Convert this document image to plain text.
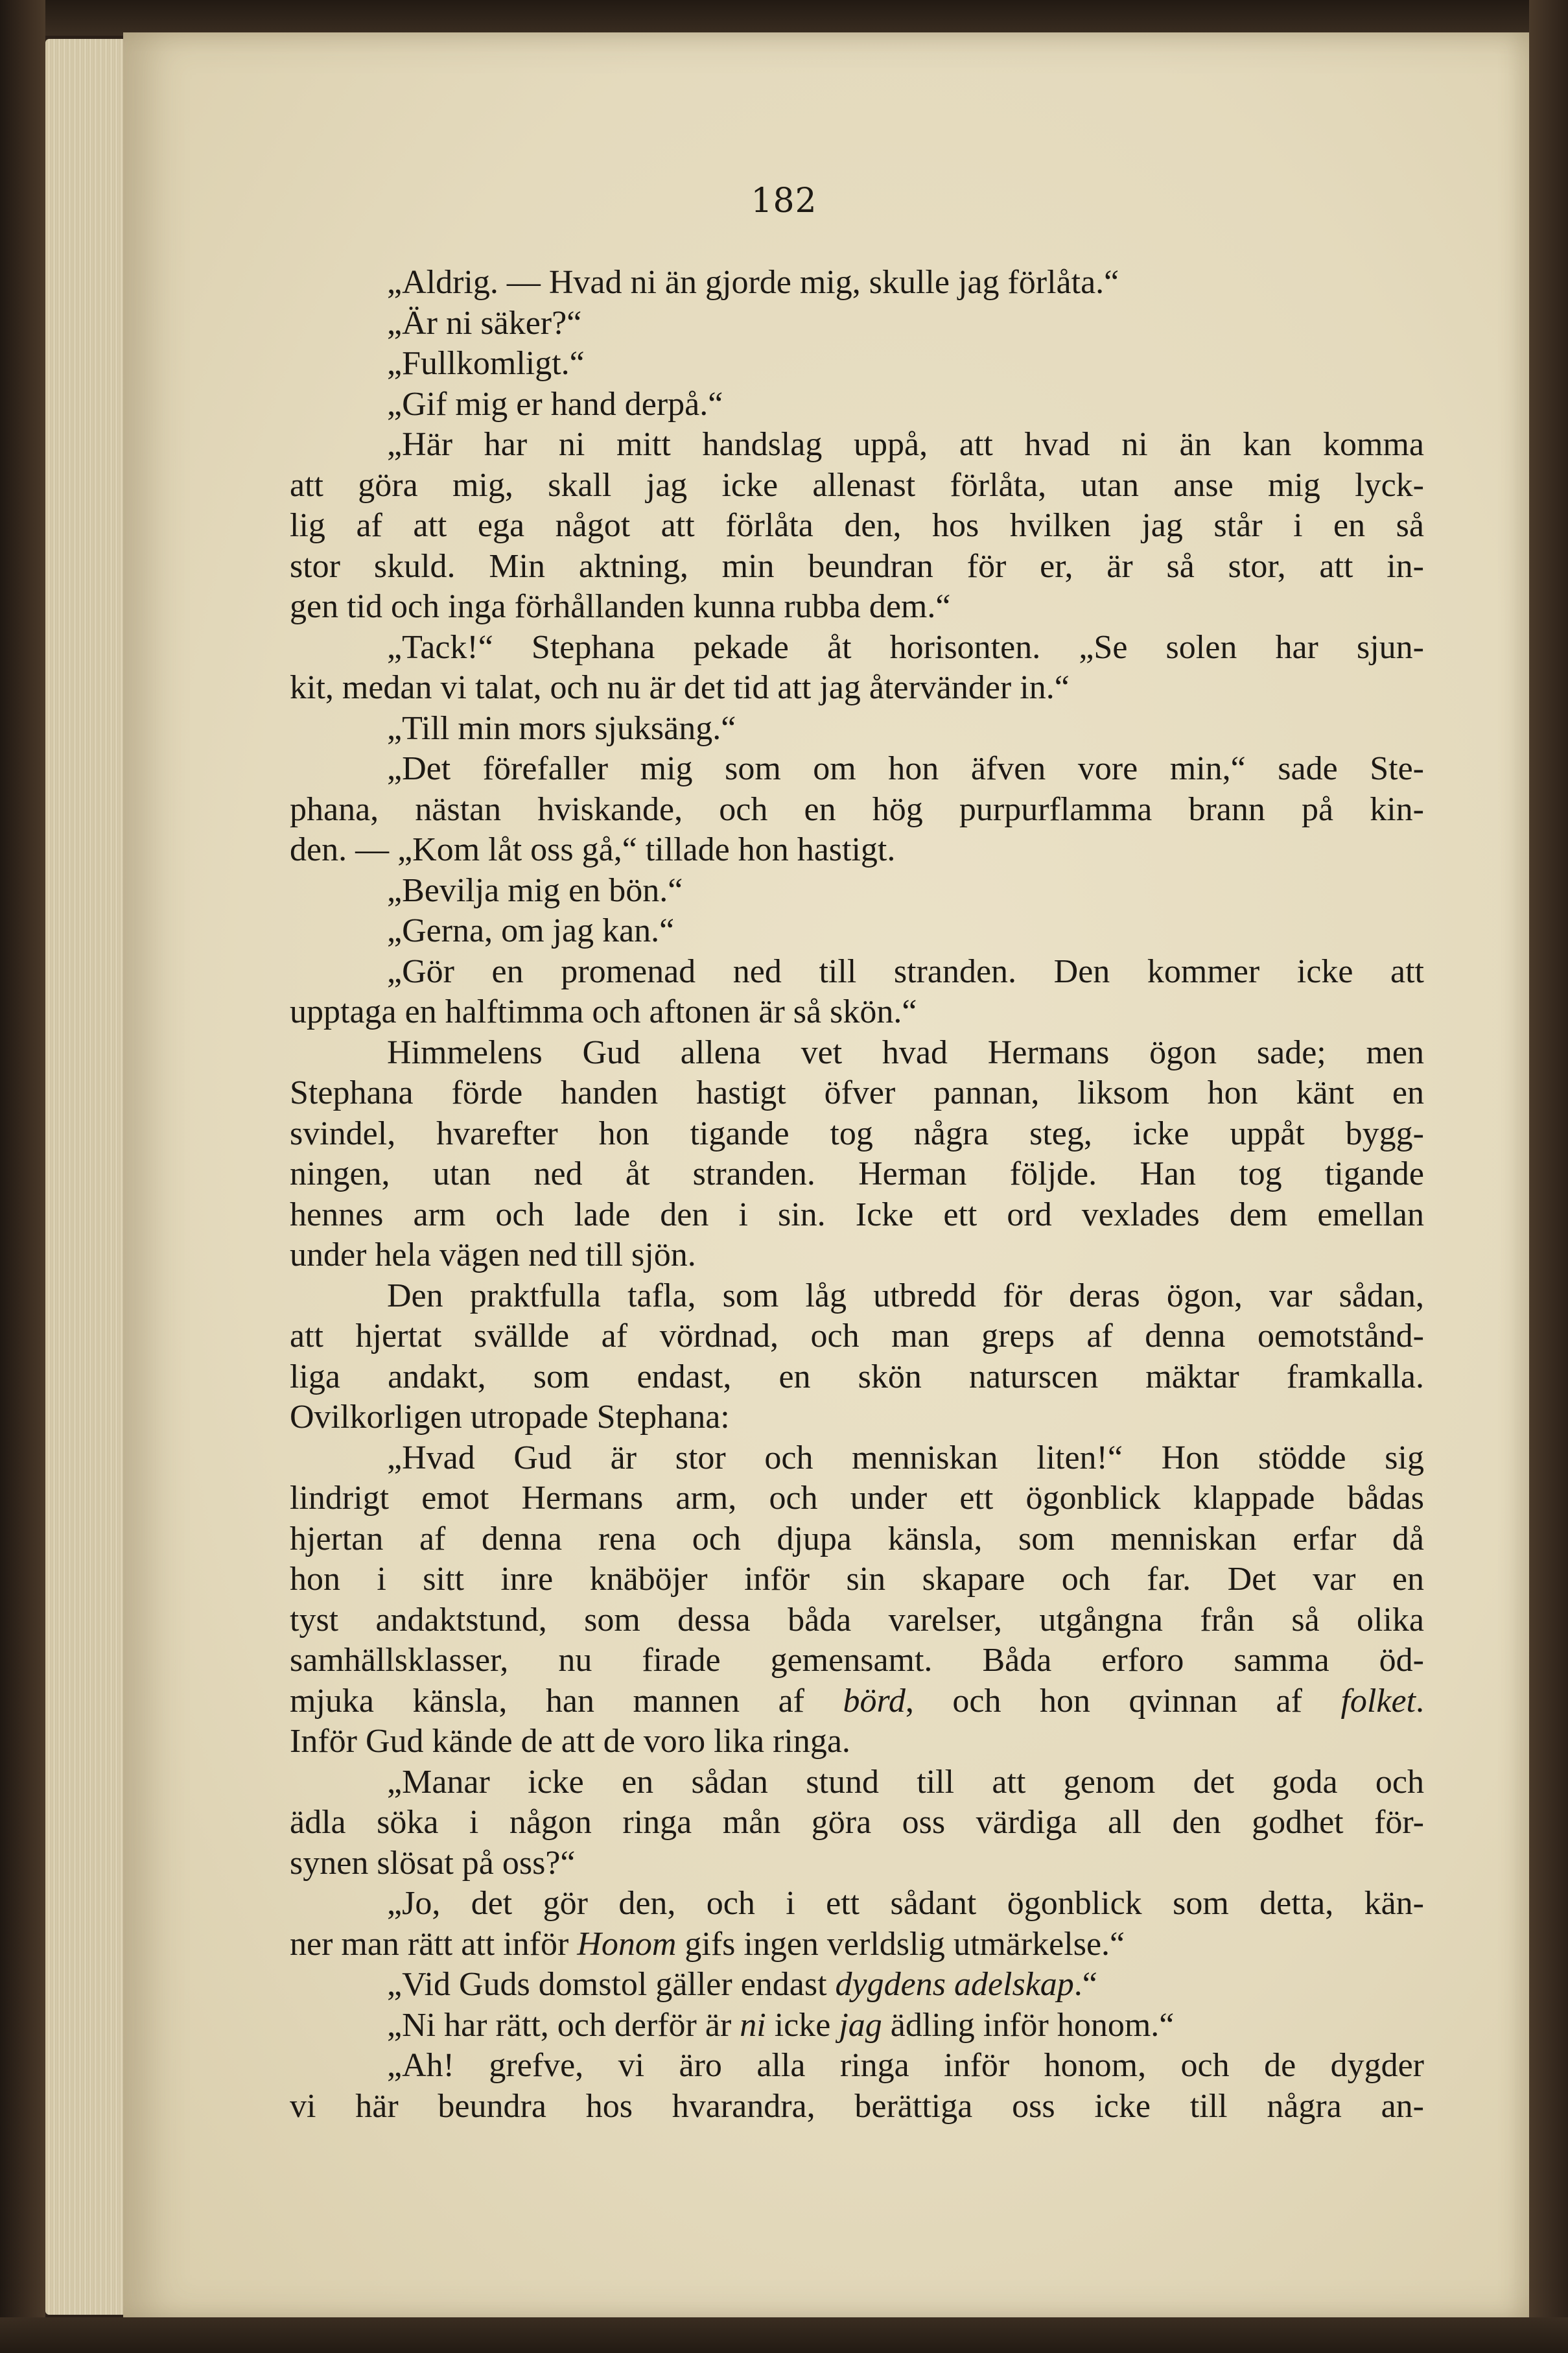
182
„Aldrig. — Hvad ni än gjorde mig, skulle jag förlåta.“
„Är ni säker?“
„Fullkomligt.“
„Gif mig er hand derpå.“
„Här har ni mitt handslag uppå, att hvad ni än kan komma
att göra mig, skall jag icke allenast förlåta, utan anse mig lyck-
lig af att ega något att förlåta den, hos hvilken jag står i en så
stor skuld. Min aktning, min beundran för er, är så stor, att in-
gen tid och inga förhållanden kunna rubba dem.“
„Tack!“ Stephana pekade åt horisonten. „Se solen har sjun-
kit, medan vi talat, och nu är det tid att jag återvänder in.“
„Till min mors sjuksäng.“
„Det förefaller mig som om hon äfven vore min,“ sade Ste-
phana, nästan hviskande, och en hög purpurflamma brann på kin-
den. — „Kom låt oss gå,“ tillade hon hastigt.
„Bevilja mig en bön.“
„Gerna, om jag kan.“
„Gör en promenad ned till stranden. Den kommer icke att
upptaga en halftimma och aftonen är så skön.“
Himmelens Gud allena vet hvad Hermans ögon sade; men
Stephana förde handen hastigt öfver pannan, liksom hon känt en
svindel, hvarefter hon tigande tog några steg, icke uppåt bygg-
ningen, utan ned åt stranden. Herman följde. Han tog tigande
hennes arm och lade den i sin. Icke ett ord vexlades dem emellan
under hela vägen ned till sjön.
Den praktfulla tafla, som låg utbredd för deras ögon, var sådan,
att hjertat svällde af vördnad, och man greps af denna oemotstånd-
liga andakt, som endast, en skön naturscen mäktar framkalla.
Ovilkorligen utropade Stephana:
„Hvad Gud är stor och menniskan liten!“ Hon stödde sig
lindrigt emot Hermans arm, och under ett ögonblick klappade bådas
hjertan af denna rena och djupa känsla, som menniskan erfar då
hon i sitt inre knäböjer inför sin skapare och far. Det var en
tyst andaktstund, som dessa båda varelser, utgångna från så olika
samhällsklasser, nu firade gemensamt. Båda erforo samma öd-
mjuka känsla, han mannen af börd, och hon qvinnan af folket.
Inför Gud kände de att de voro lika ringa.
„Manar icke en sådan stund till att genom det goda och
ädla söka i någon ringa mån göra oss värdiga all den godhet för-
synen slösat på oss?“
„Jo, det gör den, och i ett sådant ögonblick som detta, kän-
ner man rätt att inför Honom gifs ingen verldslig utmärkelse.“
„Vid Guds domstol gäller endast dygdens adelskap.“
„Ni har rätt, och derför är ni icke jag ädling inför honom.“
„Ah! grefve, vi äro alla ringa inför honom, och de dygder
vi här beundra hos hvarandra, berättiga oss icke till några an-
